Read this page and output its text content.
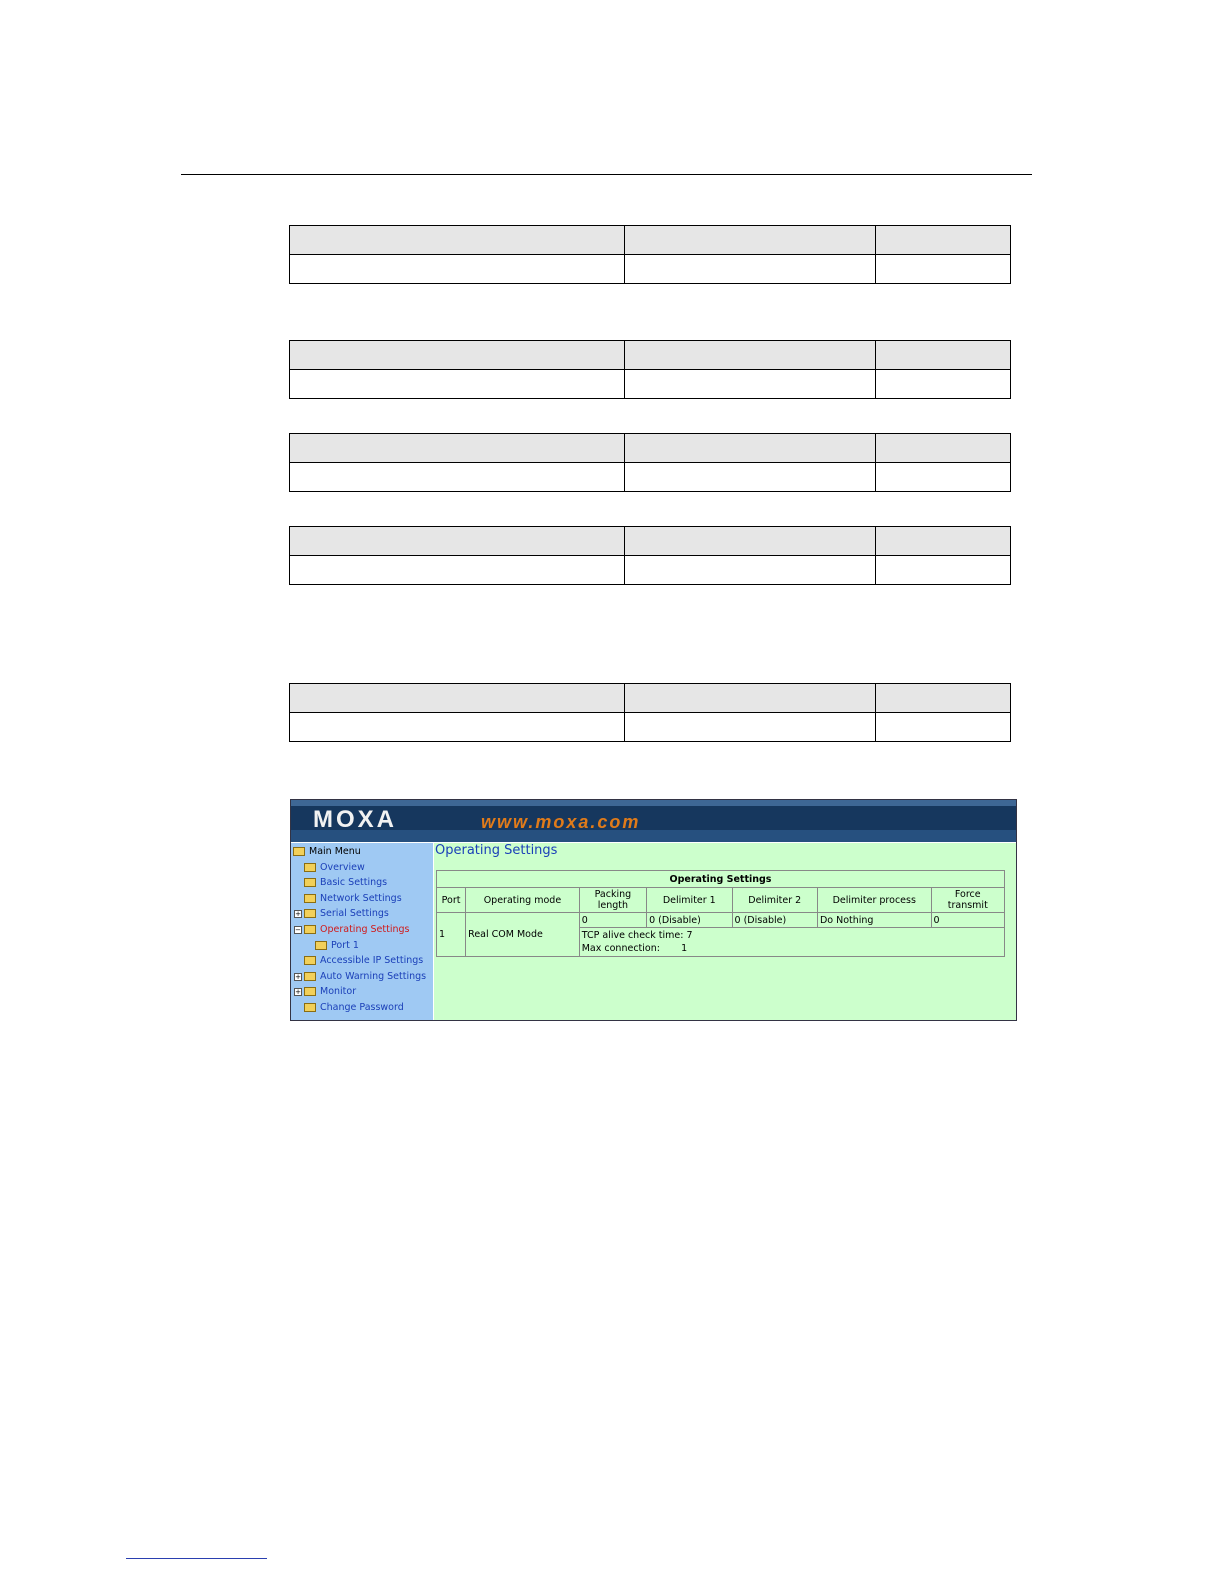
MOXA	www.moxa.com
Main Menu
Overview
Basic Settings
Network Settings
+ Serial Settings
− Operating Settings
Port 1
Accessible IP Settings
+ Auto Warning Settings
+ Monitor
Change Password
Operating Settings
Operating Settings						
Port	Operating mode	Packing length	Delimiter 1	Delimiter 2	Delimiter process	Force transmit
1	Real COM Mode	0	0 (Disable)	0 (Disable)	Do Nothing	0

		TCP alive check time: 7
Max connection: 1				
